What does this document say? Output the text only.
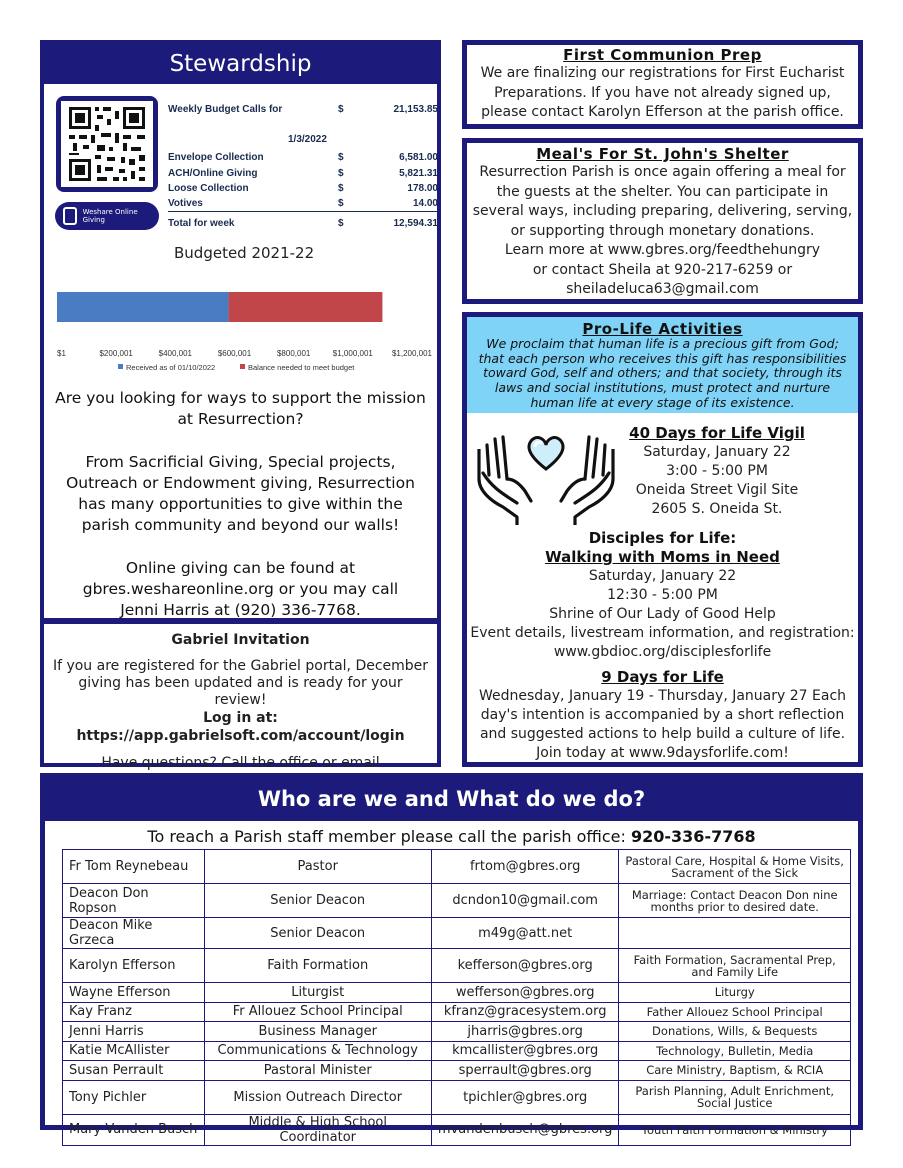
Stewardship
Weshare Online Giving
Weekly Budget Calls for	$	21,153.85
1/3/2022
Envelope Collection	$	6,581.00
ACH/Online Giving	$	5,821.31
Loose Collection	$	178.00
Votives	$	14.00
Total for week	$	12,594.31
Budgeted 2021-22
$1	$200,001	$400,001	$600,001	$800,001	$1,000,001 $1,200,001
Received as of 01/10/2022	Balance needed to meet budget
Are you looking for ways to support the mission at Resurrection?
From Sacrificial Giving, Special projects, Outreach or Endowment giving, Resurrection has many opportunities to give within the parish community and beyond our walls!
Online giving can be found at gbres.weshareonline.org or you may call Jenni Harris at (920) 336-7768.
Gabriel Invitation
If you are registered for the Gabriel portal, December giving has been updated and is ready for your review!
Log in at: https://app.gabrielsoft.com/account/login
Have questions? Call the office or email
First Communion Prep
We are finalizing our registrations for First Eucharist Preparations. If you have not already signed up, please contact Karolyn Efferson at the parish office.
Meal's For St. John's Shelter
Resurrection Parish is once again offering a meal for the guests at the shelter. You can participate in several ways, including preparing, delivering, serving, or supporting through monetary donations.
Learn more at www.gbres.org/feedthehungry
or contact Sheila at 920-217-6259 or
sheiladeluca63@gmail.com
Pro-Life Activities
We proclaim that human life is a precious gift from God; that each person who receives this gift has responsibilities toward God, self and others; and that society, through its laws and social institutions, must protect and nurture human life at every stage of its existence.
40 Days for Life Vigil
Saturday, January 22
3:00 - 5:00 PM
Oneida Street Vigil Site
2605 S. Oneida St.
Disciples for Life:
Walking with Moms in Need
Saturday, January 22
12:30 - 5:00 PM
Shrine of Our Lady of Good Help
Event details, livestream information, and registration:
www.gbdioc.org/disciplesforlife
9 Days for Life
Wednesday, January 19 - Thursday, January 27 Each day's intention is accompanied by a short reflection and suggested actions to help build a culture of life. Join today at www.9daysforlife.com!
Who are we and What do we do?
To reach a Parish staff member please call the parish office: 920-336-7768
Fr Tom Reynebeau	Pastor	frtom@gbres.org	Pastoral Care, Hospital & Home Visits, Sacrament of the Sick
Deacon Don Ropson	Senior Deacon	dcndon10@gmail.com	Marriage: Contact Deacon Don nine months prior to desired date.
Deacon Mike Grzeca	Senior Deacon	m49g@att.net	
Karolyn Efferson	Faith Formation	kefferson@gbres.org	Faith Formation, Sacramental Prep, and Family Life
Wayne Efferson	Liturgist	wefferson@gbres.org	Liturgy
Kay Franz	Fr Allouez School Principal	kfranz@gracesystem.org	Father Allouez School Principal
Jenni Harris	Business Manager	jharris@gbres.org	Donations, Wills, & Bequests
Katie McAllister	Communications & Technology	kmcallister@gbres.org	Technology, Bulletin, Media
Susan Perrault	Pastoral Minister	sperrault@gbres.org	Care Ministry, Baptism, & RCIA
Tony Pichler	Mission Outreach Director	tpichler@gbres.org	Parish Planning, Adult Enrichment, Social Justice
Mary Vanden Busch	Middle & High School Coordinator	mvandenbusch@gbres.org	Youth Faith Formation & Ministry
